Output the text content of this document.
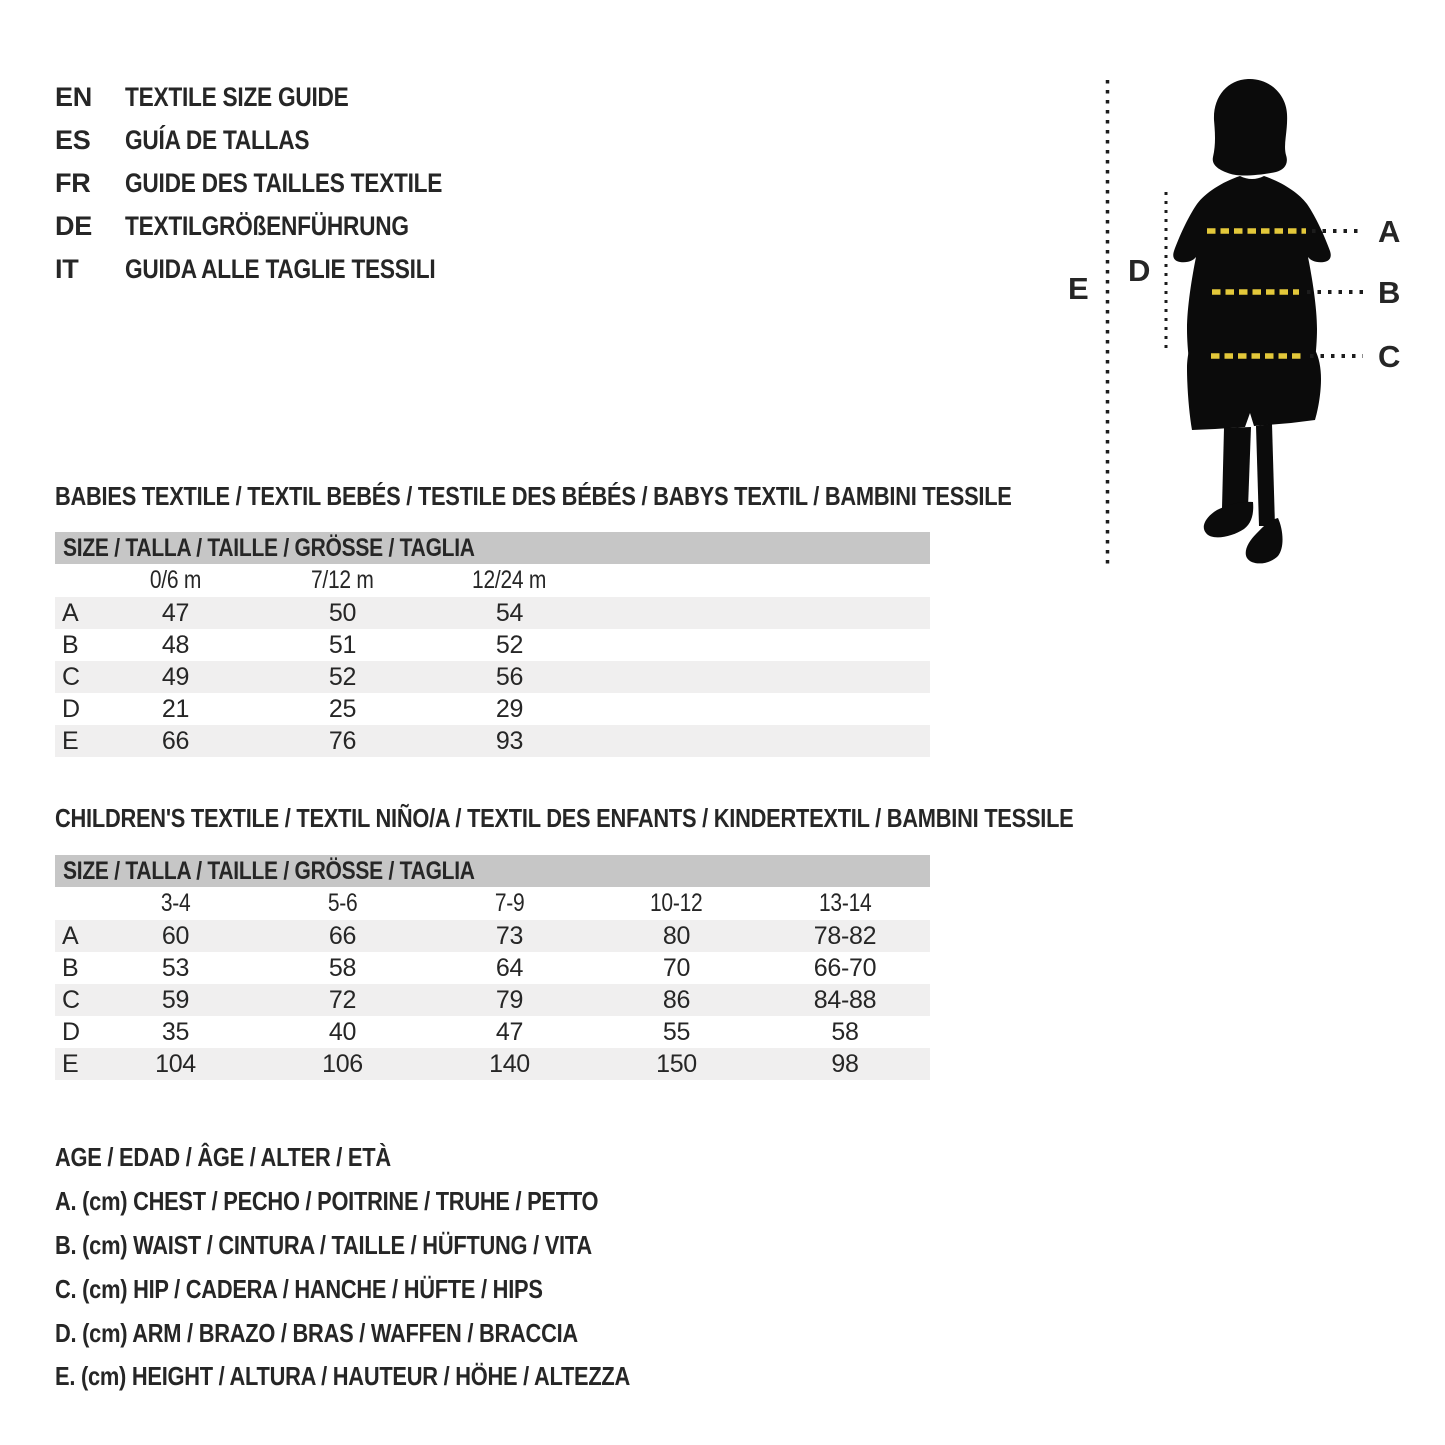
EN TEXTILE SIZE GUIDE
ES GUÍA DE TALLAS
FR GUIDE DES TAILLES TEXTILE
DE TEXTILGRÖßENFÜHRUNG
IT GUIDA ALLE TAGLIE TESSILI
A
B
C
D
E
BABIES TEXTILE / TEXTIL BEBÉS / TESTILE DES BÉBÉS / BABYS TEXTIL / BAMBINI TESSILE
SIZE / TALLA / TAILLE / GRÖSSE / TAGLIA					
	0/6 m	7/12 m	12/24 m		
A	47	50	54		
B	48	51	52		
C	49	52	56		
D	21	25	29		
E	66	76	93		
CHILDREN'S TEXTILE / TEXTIL NIÑO/A / TEXTIL DES ENFANTS / KINDERTEXTIL / BAMBINI TESSILE
SIZE / TALLA / TAILLE / GRÖSSE / TAGLIA					
	3-4	5-6	7-9	10-12	13-14
A	60	66	73	80	78-82
B	53	58	64	70	66-70
C	59	72	79	86	84-88
D	35	40	47	55	58
E	104	106	140	150	98
AGE / EDAD / ÂGE / ALTER / ETÀ
A. (cm) CHEST / PECHO / POITRINE / TRUHE / PETTO
B. (cm) WAIST / CINTURA / TAILLE / HÜFTUNG / VITA
C. (cm) HIP / CADERA / HANCHE / HÜFTE / HIPS
D. (cm) ARM / BRAZO / BRAS / WAFFEN / BRACCIA
E. (cm) HEIGHT / ALTURA / HAUTEUR / HÖHE / ALTEZZA
